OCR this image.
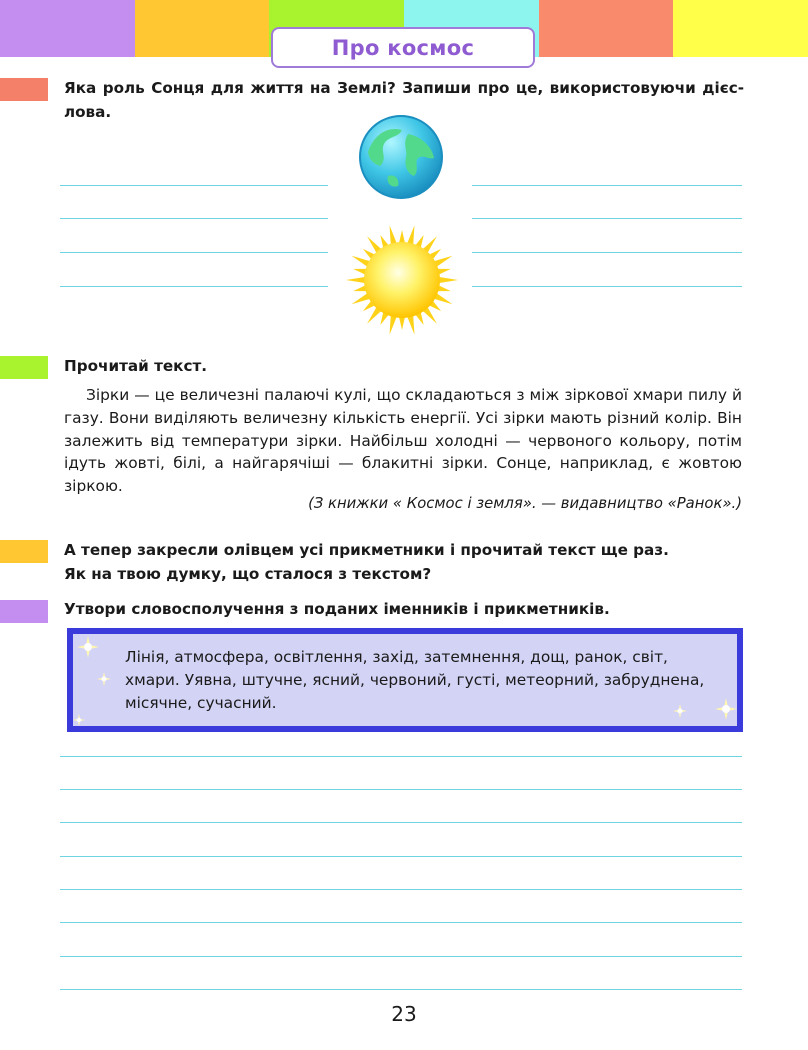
Про космос
Яка роль Сонця для життя на Землі? Запиши про це, використовуючи дієс-
лова.
Прочитай текст.
Зірки — це величезні палаючі кулі, що складаються з між зіркової хмари пилу й газу. Вони виділяють величезну кількість енергії. Усі зірки мають різний колір. Він залежить від температури зірки. Найбільш холодні — червоного кольору, потім ідуть жовті, білі, а найгарячіші — блакитні зірки. Сонце, наприклад, є жовтою зіркою.
(З книжки « Космос і земля». — видавництво «Ранок».)
А тепер закресли олівцем усі прикметники і прочитай текст ще раз.
Як на твою думку, що сталося з текстом?
Утвори словосполучення з поданих іменників і прикметників.
Лінія, атмосфера, освітлення, захід, затемнення, дощ, ранок, світ, хмари. Уявна, штучне, ясний, червоний, густі, метеорний, забруднена, місячне, сучасний.
23
